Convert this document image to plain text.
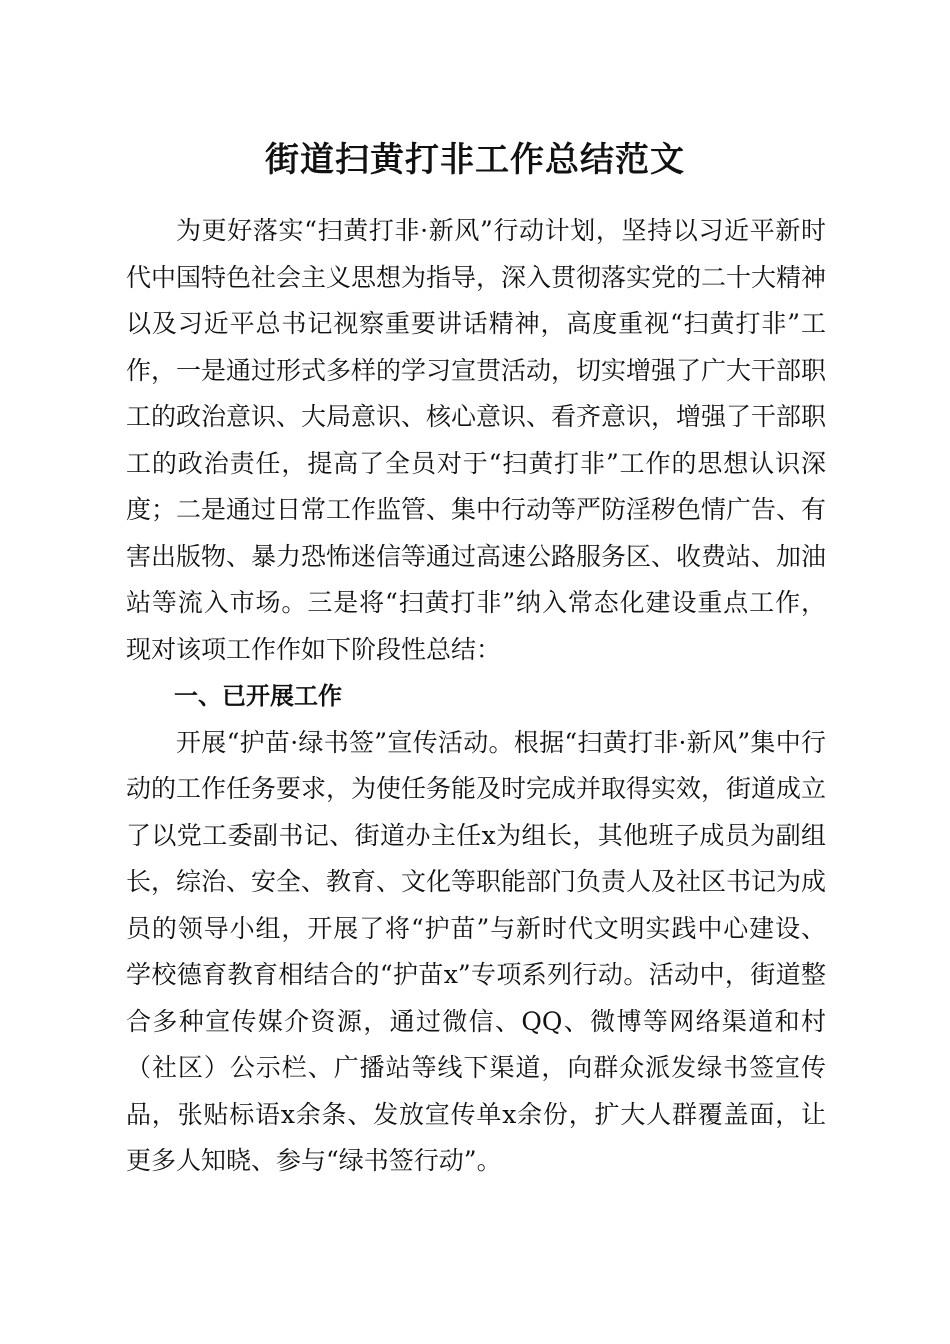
街道扫黄打非工作总结范文

为更好落实“扫黄打非·新风”行动计划，坚持以习近平新时代中国特色社会主义思想为指导，深入贯彻落实党的二十大精神以及习近平总书记视察重要讲话精神，高度重视“扫黄打非”工作，一是通过形式多样的学习宣贯活动，切实增强了广大干部职工的政治意识、大局意识、核心意识、看齐意识，增强了干部职工的政治责任，提高了全员对于“扫黄打非”工作的思想认识深度；二是通过日常工作监管、集中行动等严防淫秽色情广告、有害出版物、暴力恐怖迷信等通过高速公路服务区、收费站、加油站等流入市场。三是将“扫黄打非”纳入常态化建设重点工作，现对该项工作作如下阶段性总结：

一、已开展工作

开展“护苗·绿书签”宣传活动。根据“扫黄打非·新风”集中行动的工作任务要求，为使任务能及时完成并取得实效，街道成立了以党工委副书记、街道办主任x为组长，其他班子成员为副组长，综治、安全、教育、文化等职能部门负责人及社区书记为成员的领导小组，开展了将“护苗”与新时代文明实践中心建设、学校德育教育相结合的“护苗x”专项系列行动。活动中，街道整合多种宣传媒介资源，通过微信、QQ、微博等网络渠道和村（社区）公示栏、广播站等线下渠道，向群众派发绿书签宣传品，张贴标语x余条、发放宣传单x余份，扩大人群覆盖面，让更多人知晓、参与“绿书签行动”。
